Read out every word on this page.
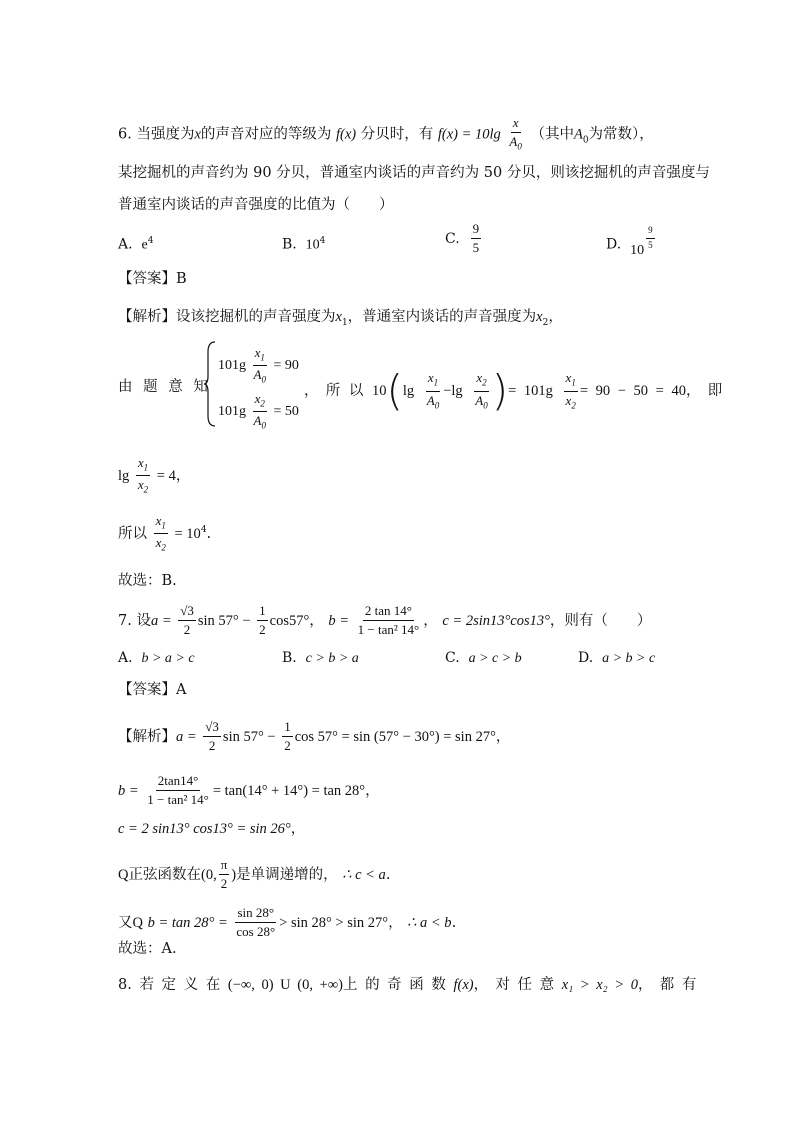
6. 当强度为x的声音对应的等级为 f(x) 分贝时，有 $f(x) = 10\lg \frac{x}{A_0}$ （其中$A_0$为常数），
某挖掘机的声音约为 90 分贝，普通室内谈话的声音约为 50 分贝，则该挖掘机的声音强度与
普通室内谈话的声音强度的比值为（　　）
A. $e^4$	B. $10^4$	C. $\frac{9}{5}$	D. 10
$\frac{9}{5}$
【答案】B
【解析】设该挖掘机的声音强度为$x_1$，普通室内谈话的声音强度为$x_2$，
由 题 意 知
$101g \frac{x_1}{A_0} = 90$
$101g \frac{x_2}{A_0} = 50$
，　所 以 $10(\lg \frac{x_1}{A_0} -\lg \frac{x_2}{A_0}$ )= $101g \frac{x_1}{x_2} = 90 - 50 = 40$，　即
$\lg \frac{x_1}{x_2} = 4$，
所以 $\frac{x_1}{x_2} = 10^4$.
故选：B.
7. 设$a = \frac{√3}{2}$ $\sin 57^\circ - \frac{1}{2} \cos 57^\circ$， $b = \frac{2 \tan 14^\circ}{\text{1 − tan² 14°}}$ ， c = 2sin13°cos13°，则有（　　）
A. b > a > c	B. c > b > a	C. a > c > b	D. a > b > c
【答案】A
【解析】$a = \frac{√3}{2}$ $\sin 57^\circ - \frac{1}{2}$ cos 57° = sin (57° − 30°) = sin 27°，
$b = \frac{2\tan 14^\circ}{\text{1 − tan² 14°}} = \tan(14^\circ + 14^\circ) = \tan 28^\circ$，
c = 2 sin13° cos13° = sin 26°，
Q正弦函数在(0, $\frac{\pi}{2}$ )是单调递增的， ∴ c < a.
又Q $b = \tan 28^\circ = \frac{\sin 28^\circ}{\cos 28^\circ} > \sin 28^\circ > \sin 27^\circ$， ∴ a < b.
故选：A.
8. 若 定 义 在 (−∞, 0) U (0, +∞)上 的 奇 函 数 f(x)，　对 任 意 x₁ > x₂ > 0，　都 有
